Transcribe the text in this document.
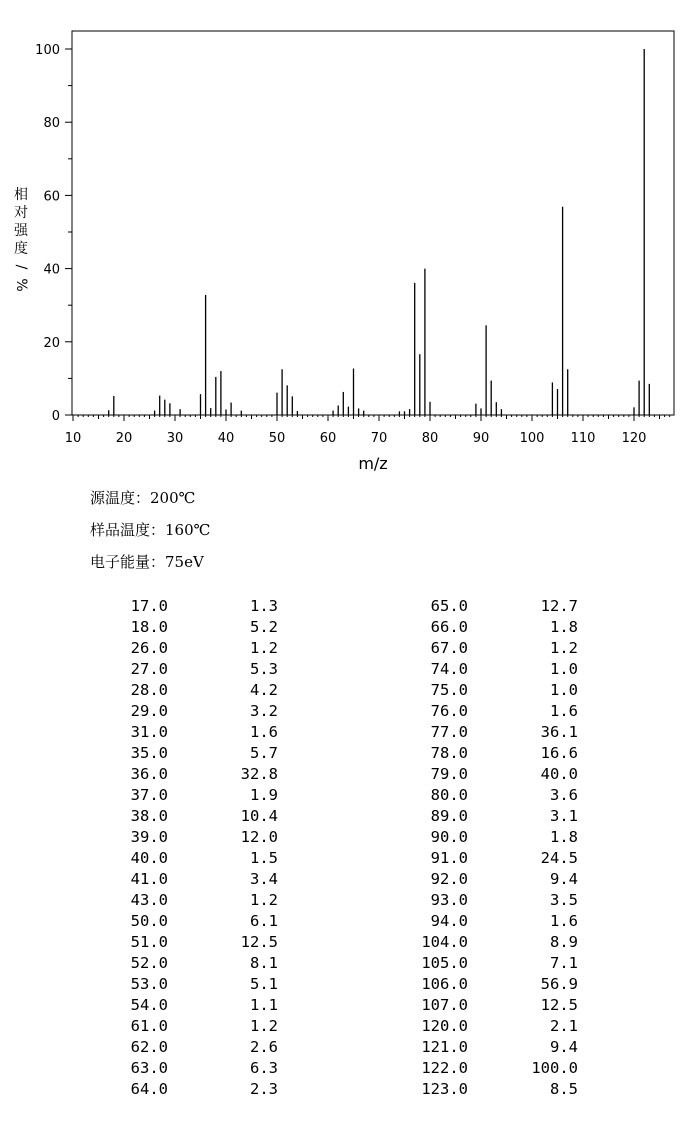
0
20
40
60
80
100
10	20	30	40	50	60	70	80	90 100 110 120
m/z
相
对
强
度
/
%
源温度：200℃
样品温度：160℃
电子能量：75eV
17.0	1.3
18.0	5.2
26.0	1.2
27.0	5.3
28.0	4.2
29.0	3.2
31.0	1.6
35.0	5.7
36.0	32.8
37.0	1.9
38.0	10.4
39.0	12.0
40.0	1.5
41.0	3.4
43.0	1.2
50.0	6.1
51.0	12.5
52.0	8.1
53.0	5.1
54.0	1.1
61.0	1.2
62.0	2.6
63.0	6.3
64.0	2.3
65.0	12.7
66.0	1.8
67.0	1.2
74.0	1.0
75.0	1.0
76.0	1.6
77.0	36.1
78.0	16.6
79.0	40.0
80.0	3.6
89.0	3.1
90.0	1.8
91.0	24.5
92.0	9.4
93.0	3.5
94.0	1.6
104.0	8.9
105.0	7.1
106.0	56.9
107.0	12.5
120.0	2.1
121.0	9.4
122.0	100.0
123.0	8.5
